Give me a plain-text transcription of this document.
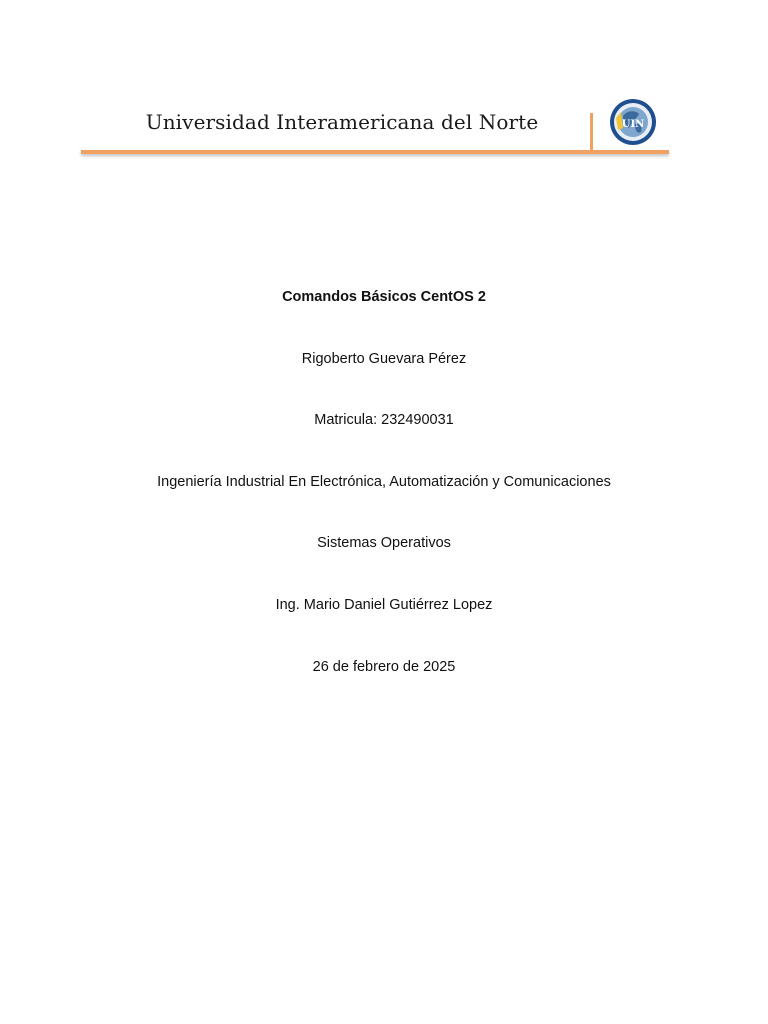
Universidad Interamericana del Norte	UIN
Comandos Básicos CentOS 2
Rigoberto Guevara Pérez
Matricula: 232490031
Ingeniería Industrial En Electrónica, Automatización y Comunicaciones
Sistemas Operativos
Ing. Mario Daniel Gutiérrez Lopez
26 de febrero de 2025
